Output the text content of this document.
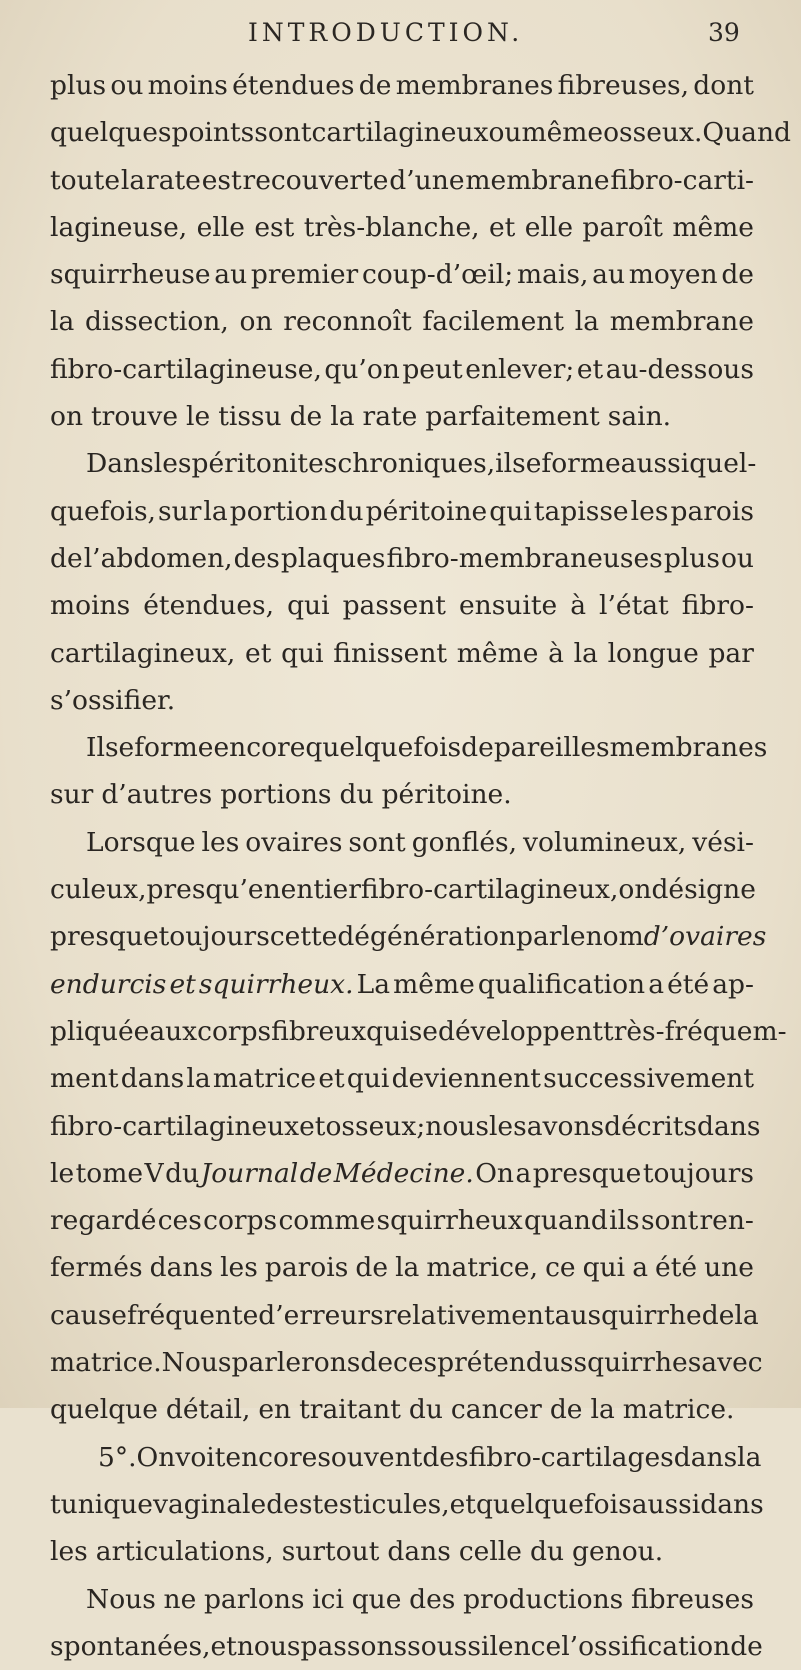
INTRODUCTION.	39
plus ou moins étendues de membranes fibreuses, dont
quelques points sont cartilagineux ou même osseux. Quand
toute la rate est recouverte d’une membrane fibro-carti-
lagineuse, elle est très-blanche, et elle paroît même
squirrheuse au premier coup-d’œil; mais, au moyen de
la dissection, on reconnoît facilement la membrane
fibro-cartilagineuse, qu’on peut enlever; et au-dessous
on trouve le tissu de la rate parfaitement sain.
Dans les péritonites chroniques, il se forme aussi quel-
quefois, sur la portion du péritoine qui tapisse les parois
de l’abdomen, des plaques fibro-membraneuses plus ou
moins étendues, qui passent ensuite à l’état fibro-
cartilagineux, et qui finissent même à la longue par
s’ossifier.
Il se forme encore quelquefois de pareilles membranes
sur d’autres portions du péritoine.
Lorsque les ovaires sont gonflés, volumineux, vési-
culeux, presqu’en entier fibro-cartilagineux, on désigne
presque toujours cette dégénération par le nom d’ovaires
endurcis et squirrheux. La même qualification a été ap-
pliquée aux corps fibreux qui se développent très-fréquem-
ment dans la matrice et qui deviennent successivement
fibro-cartilagineux et osseux; nous les avons décrits dans
le tome V du Journal de Médecine. On a presque toujours
regardé ces corps comme squirrheux quand ils sont ren-
fermés dans les parois de la matrice, ce qui a été une
cause fréquente d’erreurs relativement au squirrhe de la
matrice. Nous parlerons de ces prétendus squirrhes avec
quelque détail, en traitant du cancer de la matrice.
5°. On voit encore souvent des fibro-cartilages dans la
tunique vaginale des testicules, et quelquefois aussi dans
les articulations, surtout dans celle du genou.
Nous ne parlons ici que des productions fibreuses
spontanées, et nous passons sous silence l’ossification de
